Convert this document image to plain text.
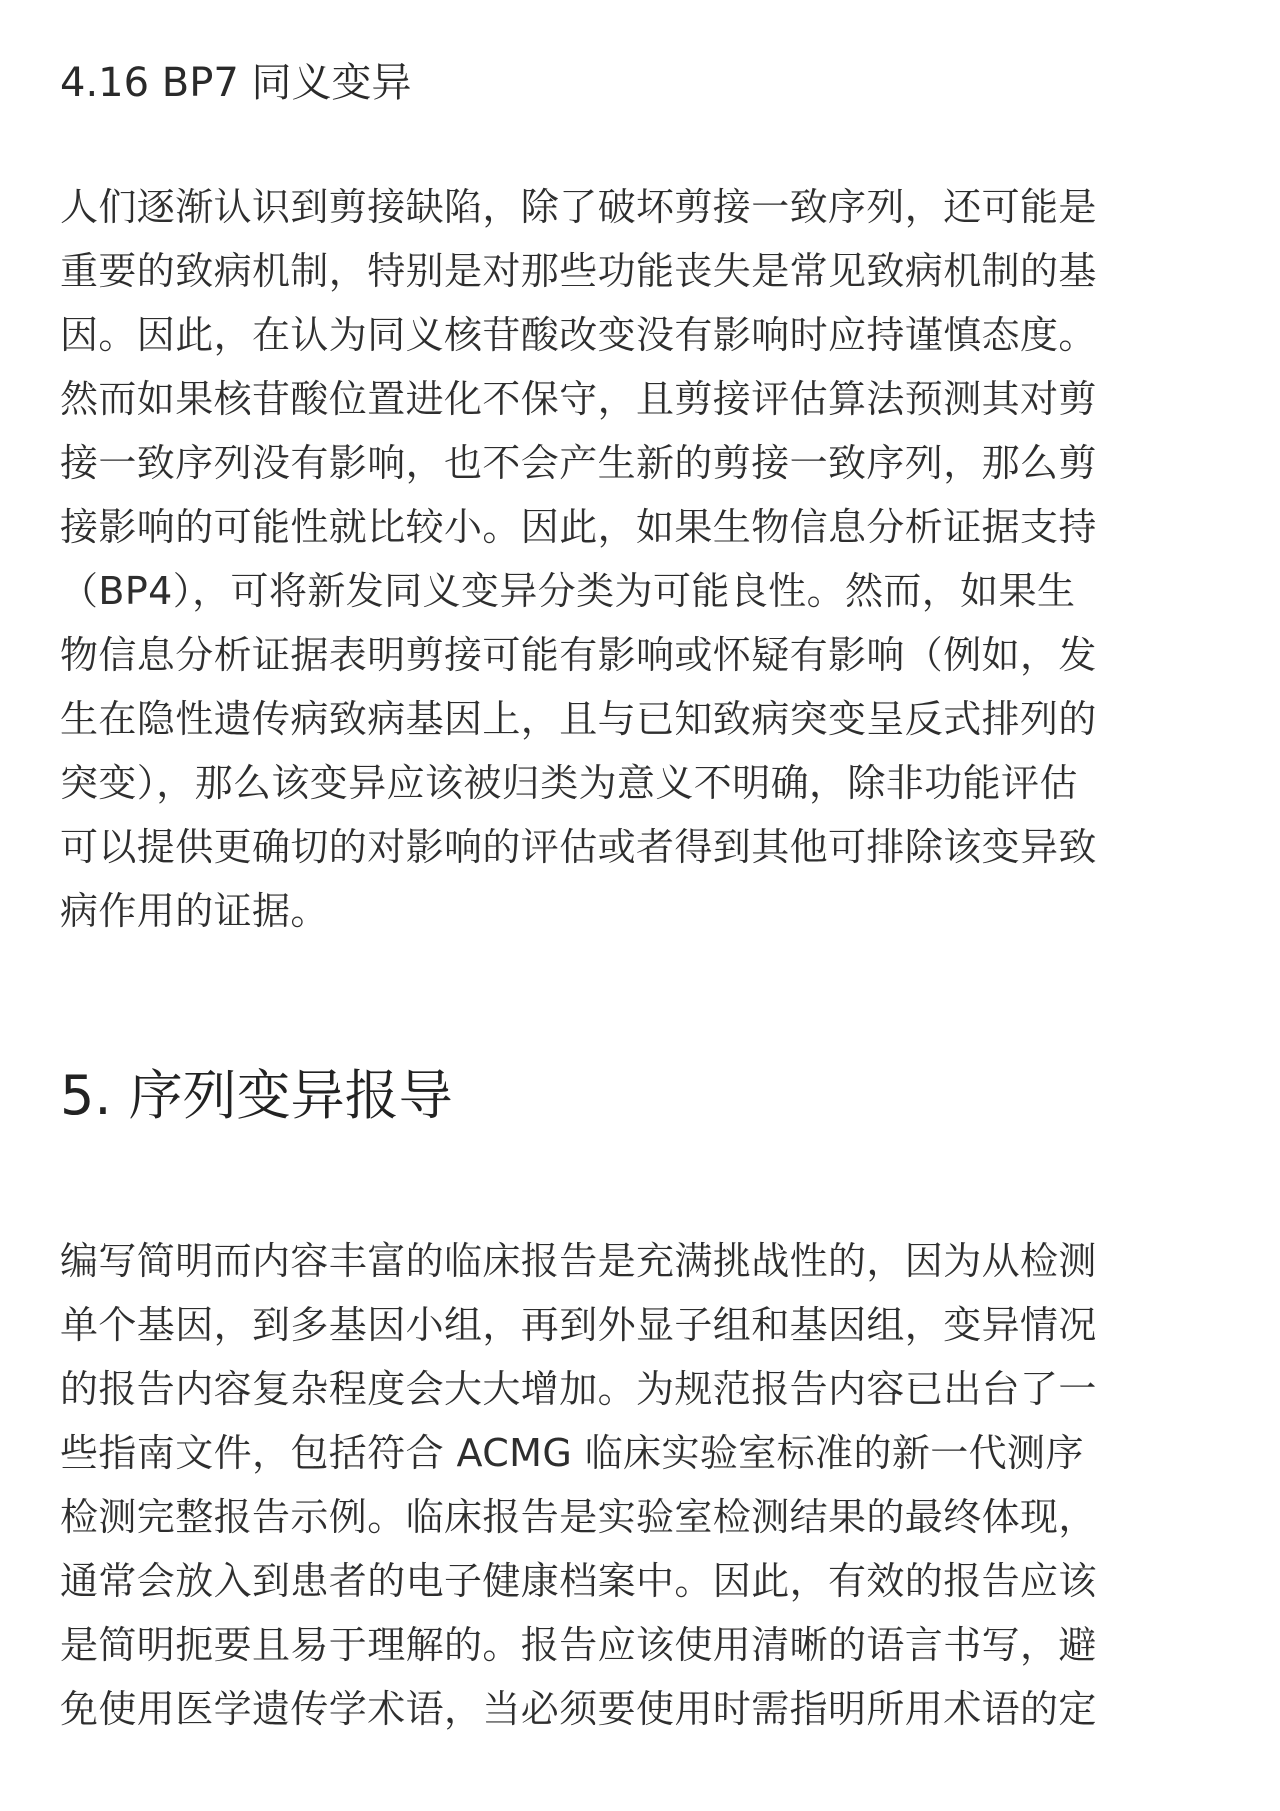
4.16 BP7 同义变异
人们逐渐认识到剪接缺陷，除了破坏剪接一致序列，还可能是
重要的致病机制，特别是对那些功能丧失是常见致病机制的基
因。因此，在认为同义核苷酸改变没有影响时应持谨慎态度。
然而如果核苷酸位置进化不保守，且剪接评估算法预测其对剪
接一致序列没有影响，也不会产生新的剪接一致序列，那么剪
接影响的可能性就比较小。因此，如果生物信息分析证据支持
（BP4），可将新发同义变异分类为可能良性。然而，如果生
物信息分析证据表明剪接可能有影响或怀疑有影响（例如，发
生在隐性遗传病致病基因上，且与已知致病突变呈反式排列的
突变），那么该变异应该被归类为意义不明确，除非功能评估
可以提供更确切的对影响的评估或者得到其他可排除该变异致
病作用的证据。
5. 序列变异报导
编写简明而内容丰富的临床报告是充满挑战性的，因为从检测
单个基因，到多基因小组，再到外显子组和基因组，变异情况
的报告内容复杂程度会大大增加。为规范报告内容已出台了一
些指南文件，包括符合 ACMG 临床实验室标准的新一代测序
检测完整报告示例。临床报告是实验室检测结果的最终体现，
通常会放入到患者的电子健康档案中。因此，有效的报告应该
是简明扼要且易于理解的。报告应该使用清晰的语言书写，避
免使用医学遗传学术语，当必须要使用时需指明所用术语的定
